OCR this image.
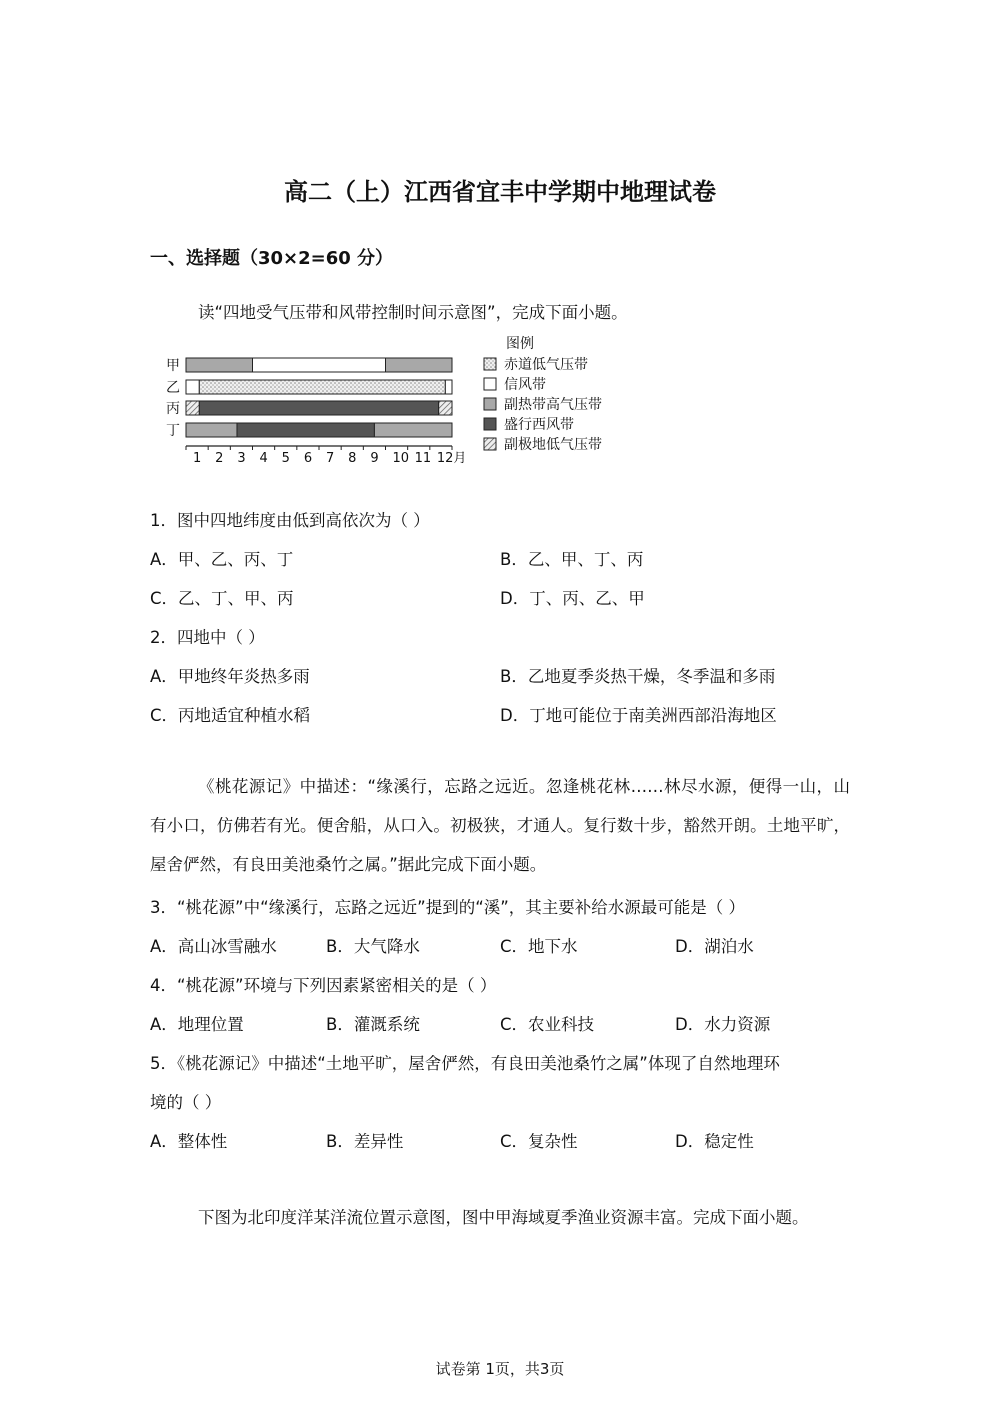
高二（上）江西省宜丰中学期中地理试卷
一、选择题（30×2=60 分）
读“四地受气压带和风带控制时间示意图”，完成下面小题。
甲
乙
丙
丁
1 2 3 4 5 6 7 8 9 10 11 12月
图例
赤道低气压带
信风带
副热带高气压带
盛行西风带
副极地低气压带
1．图中四地纬度由低到高依次为（ ）
A．甲、乙、丙、丁	B．乙、甲、丁、丙
C．乙、丁、甲、丙	D．丁、丙、乙、甲
2．四地中（ ）
A．甲地终年炎热多雨	B．乙地夏季炎热干燥，冬季温和多雨
C．丙地适宜种植水稻	D．丁地可能位于南美洲西部沿海地区
《桃花源记》中描述：“缘溪行，忘路之远近。忽逢桃花林……林尽水源，便得一山，山有小口，仿佛若有光。便舍船，从口入。初极狭，才通人。复行数十步，豁然开朗。土地平旷，屋舍俨然，有良田美池桑竹之属。”据此完成下面小题。
3．“桃花源”中“缘溪行，忘路之远近”提到的“溪”，其主要补给水源最可能是（ ）
A．高山冰雪融水	B．大气降水	C．地下水	D．湖泊水
4．“桃花源”环境与下列因素紧密相关的是（ ）
A．地理位置	B．灌溉系统	C．农业科技	D．水力资源
5．《桃花源记》中描述“土地平旷，屋舍俨然，有良田美池桑竹之属”体现了自然地理环
境的（ ）
A．整体性	B．差异性	C．复杂性	D．稳定性
下图为北印度洋某洋流位置示意图，图中甲海域夏季渔业资源丰富。完成下面小题。
试卷第 1页，共3页
